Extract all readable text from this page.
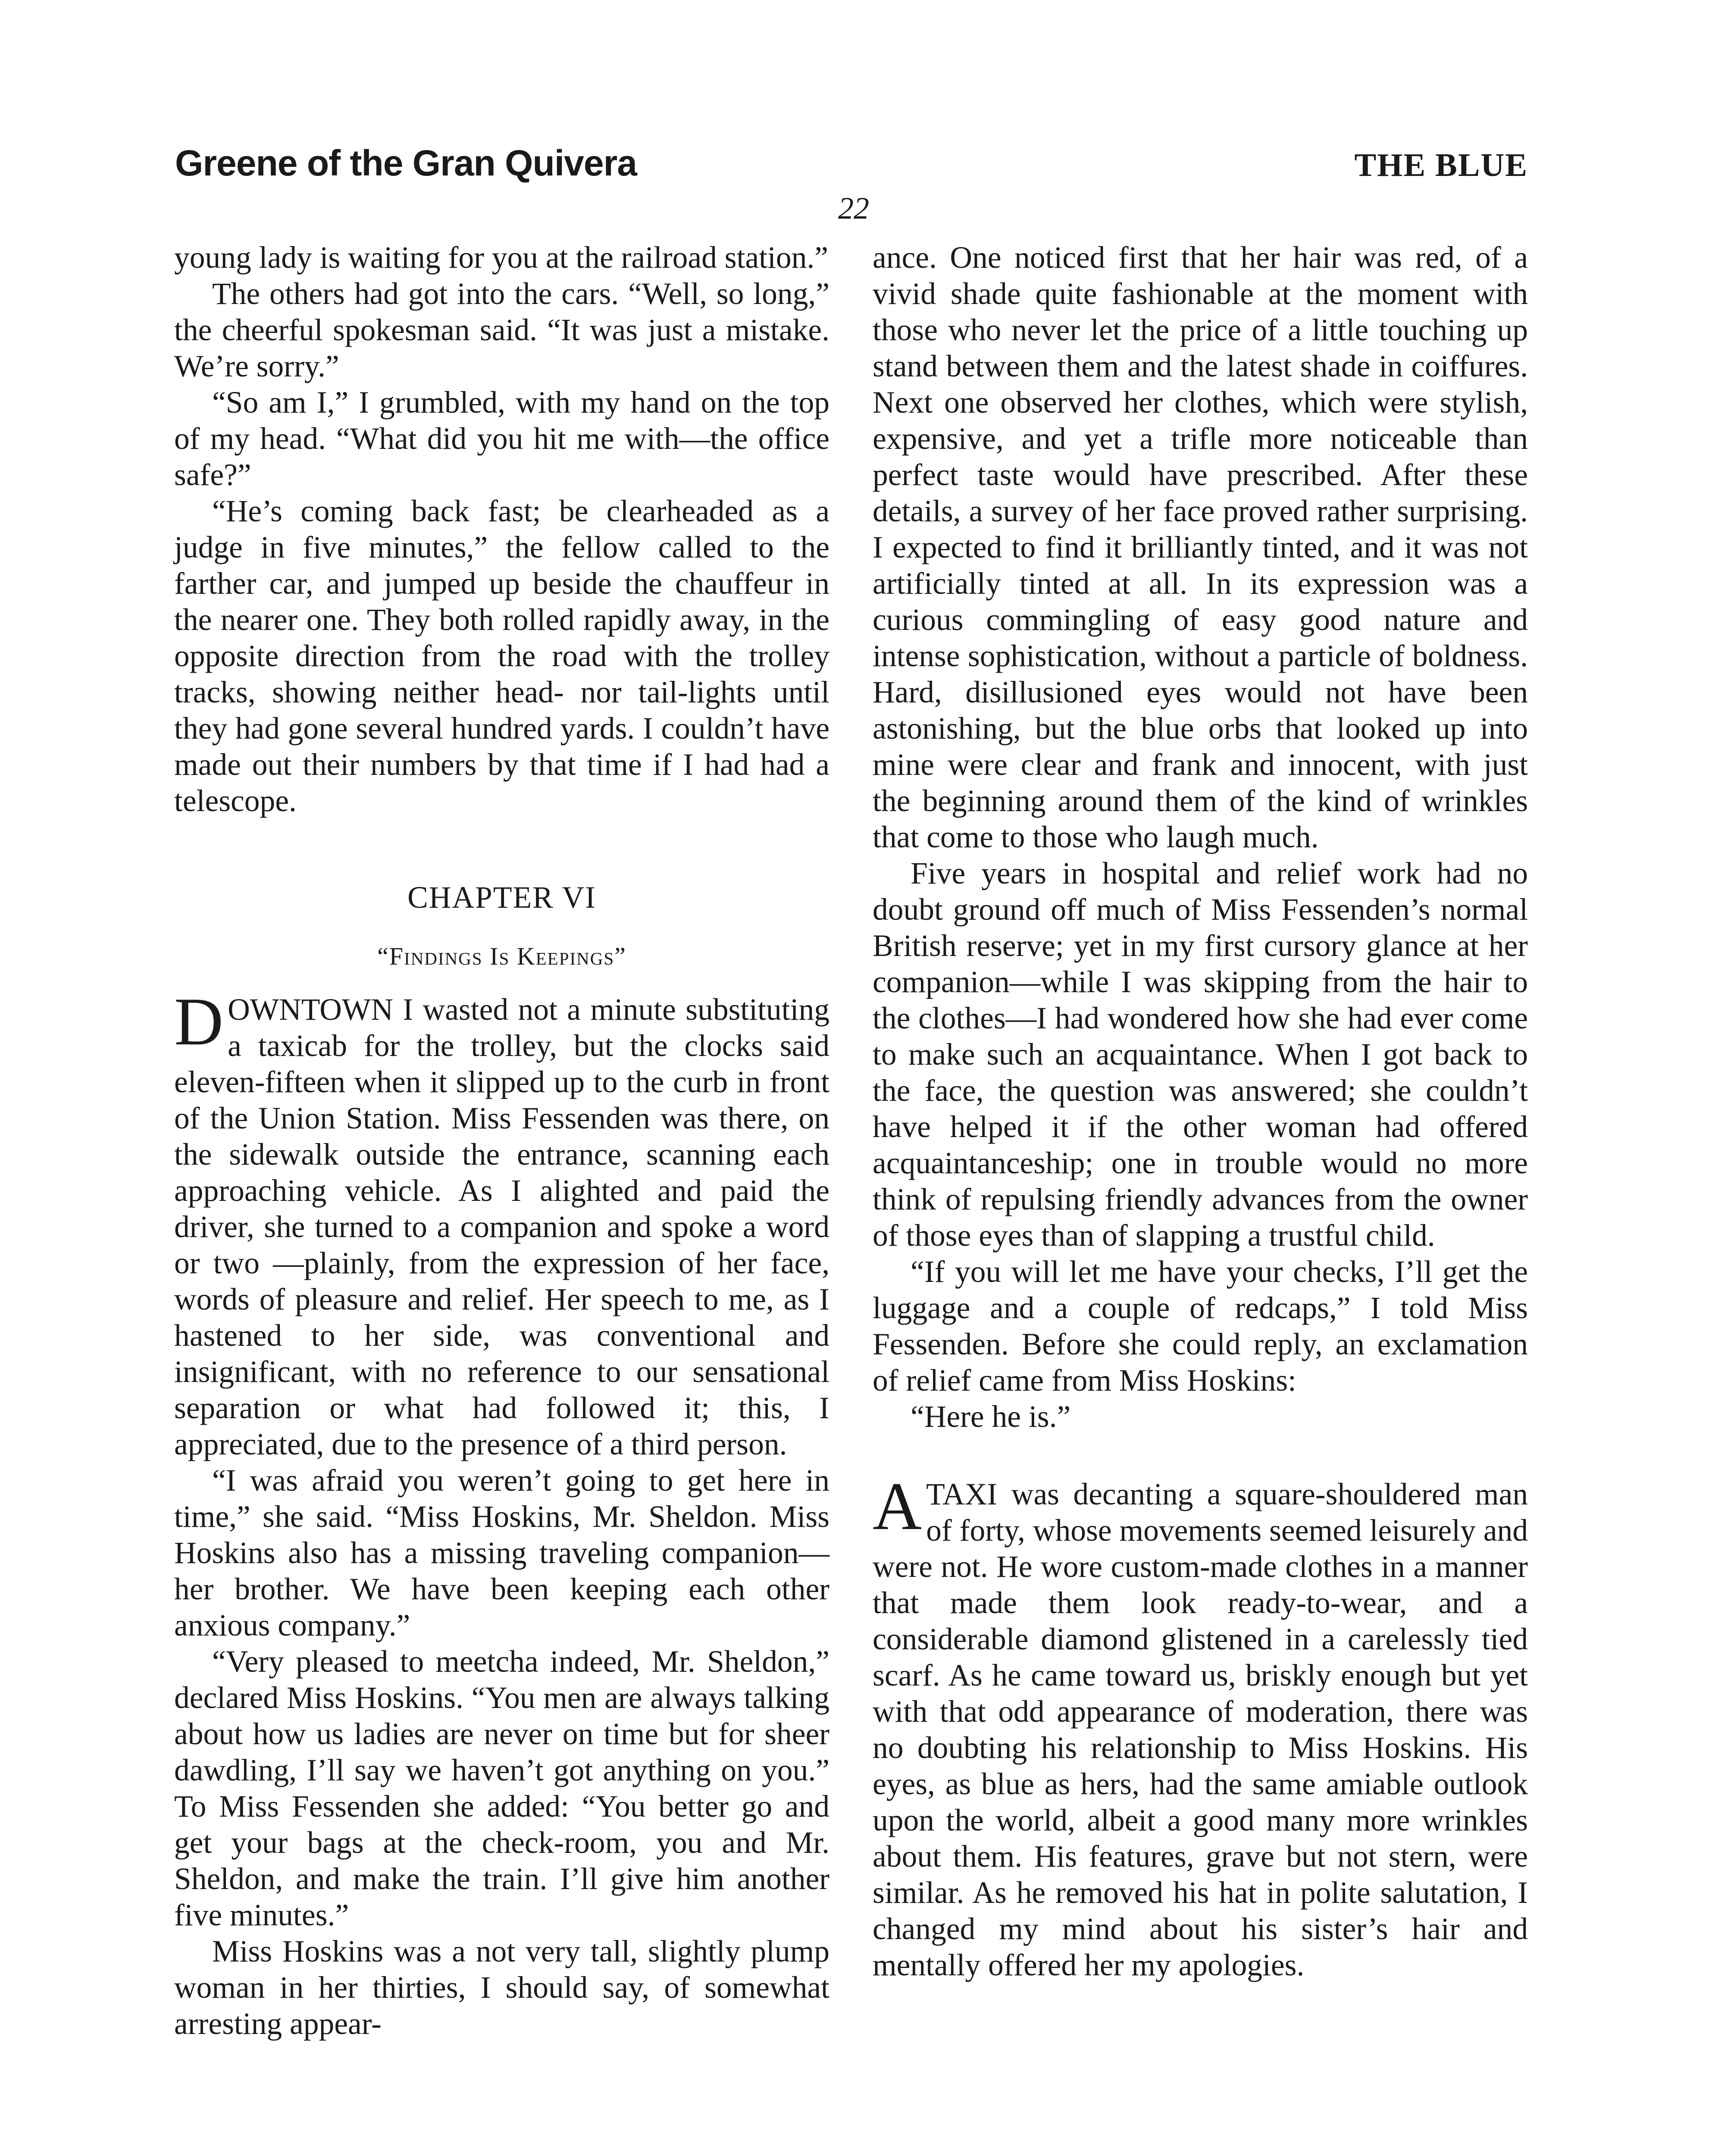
Greene of the Gran Quivera	THE BLUE
22

young lady is waiting for you at the railroad station.”

The others had got into the cars. “Well, so long,” the cheerful spokesman said. “It was just a mistake. We’re sorry.”

“So am I,” I grumbled, with my hand on the top of my head. “What did you hit me with—the office safe?”

“He’s coming back fast; be clearheaded as a judge in five minutes,” the fellow called to the farther car, and jumped up beside the chauffeur in the nearer one. They both rolled rapidly away, in the opposite direction from the road with the trolley tracks, showing neither head- nor tail-lights until they had gone several hundred yards. I couldn’t have made out their numbers by that time if I had had a telescope.

CHAPTER VI
“Findings Is Keepings”

DOWNTOWN I wasted not a minute substituting a taxicab for the trolley, but the clocks said eleven-fifteen when it slipped up to the curb in front of the Union Station. Miss Fessenden was there, on the sidewalk outside the entrance, scanning each approaching vehicle. As I alighted and paid the driver, she turned to a companion and spoke a word or two —plainly, from the expression of her face, words of pleasure and relief. Her speech to me, as I hastened to her side, was conventional and insignificant, with no reference to our sensational separation or what had followed it; this, I appreciated, due to the presence of a third person.

“I was afraid you weren’t going to get here in time,” she said. “Miss Hoskins, Mr. Sheldon. Miss Hoskins also has a missing traveling companion—her brother. We have been keeping each other anxious company.”

“Very pleased to meetcha indeed, Mr. Sheldon,” declared Miss Hoskins. “You men are always talking about how us ladies are never on time but for sheer dawdling, I’ll say we haven’t got anything on you.” To Miss Fessenden she added: “You better go and get your bags at the check-room, you and Mr. Sheldon, and make the train. I’ll give him another five minutes.”

Miss Hoskins was a not very tall, slightly plump woman in her thirties, I should say, of somewhat arresting appear-

ance. One noticed first that her hair was red, of a vivid shade quite fashionable at the moment with those who never let the price of a little touching up stand between them and the latest shade in coiffures. Next one observed her clothes, which were stylish, expensive, and yet a trifle more noticeable than perfect taste would have prescribed. After these details, a survey of her face proved rather surprising. I expected to find it brilliantly tinted, and it was not artificially tinted at all. In its expression was a curious commingling of easy good nature and intense sophistication, without a particle of boldness. Hard, disillusioned eyes would not have been astonishing, but the blue orbs that looked up into mine were clear and frank and innocent, with just the beginning around them of the kind of wrinkles that come to those who laugh much.

Five years in hospital and relief work had no doubt ground off much of Miss Fessenden’s normal British reserve; yet in my first cursory glance at her companion—while I was skipping from the hair to the clothes—I had wondered how she had ever come to make such an acquaintance. When I got back to the face, the question was answered; she couldn’t have helped it if the other woman had offered acquaintanceship; one in trouble would no more think of repulsing friendly advances from the owner of those eyes than of slapping a trustful child.

“If you will let me have your checks, I’ll get the luggage and a couple of redcaps,” I told Miss Fessenden. Before she could reply, an exclamation of relief came from Miss Hoskins:

“Here he is.”

ATAXI was decanting a square-shouldered man of forty, whose movements seemed leisurely and were not. He wore custom-made clothes in a manner that made them look ready-to-wear, and a considerable diamond glistened in a carelessly tied scarf. As he came toward us, briskly enough but yet with that odd appearance of moderation, there was no doubting his relationship to Miss Hoskins. His eyes, as blue as hers, had the same amiable outlook upon the world, albeit a good many more wrinkles about them. His features, grave but not stern, were similar. As he removed his hat in polite salutation, I changed my mind about his sister’s hair and mentally offered her my apologies.
